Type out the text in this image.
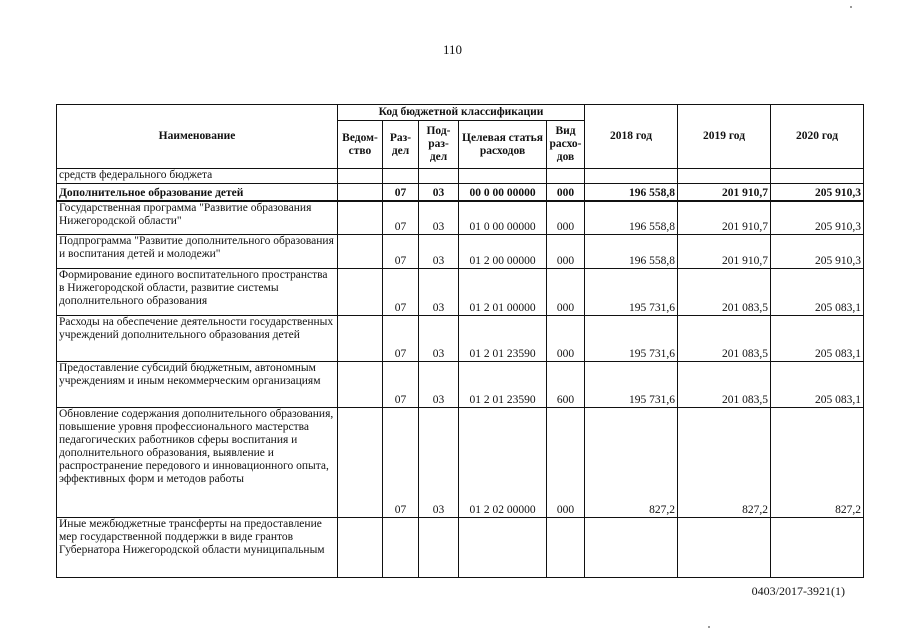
110
Наименование	Код бюджетной классификации					2018 год	2019 год	2020 год
	Ведом-ство	Раз-дел	Под-раз-дел	Целевая статья расходов	Вид расхо-дов			
средств федерального бюджета								
Дополнительное образование детей		07	03	00 0 00 00000	000	196 558,8	201 910,7	205 910,3
Государственная программа "Развитие образования Нижегородской области"		07	03	01 0 00 00000	000	196 558,8	201 910,7	205 910,3
Подпрограмма "Развитие дополнительного образования и воспитания детей и молодежи"		07	03	01 2 00 00000	000	196 558,8	201 910,7	205 910,3
Формирование единого воспитательного пространства в Нижегородской области, развитие системы дополнительного образования		07	03	01 2 01 00000	000	195 731,6	201 083,5	205 083,1
Расходы на обеспечение деятельности государственных учреждений дополнительного образования детей		07	03	01 2 01 23590	000	195 731,6	201 083,5	205 083,1
Предоставление субсидий бюджетным, автономным учреждениям и иным некоммерческим организациям		07	03	01 2 01 23590	600	195 731,6	201 083,5	205 083,1
Обновление содержания дополнительного образования, повышение уровня профессионального мастерства педагогических работников сферы воспитания и дополнительного образования, выявление и распространение передового и инновационного опыта, эффективных форм и методов работы		07	03	01 2 02 00000	000	827,2	827,2	827,2
Иные межбюджетные трансферты на предоставление мер государственной поддержки в виде грантов Губернатора Нижегородской области муниципальным								
0403/2017-3921(1)
